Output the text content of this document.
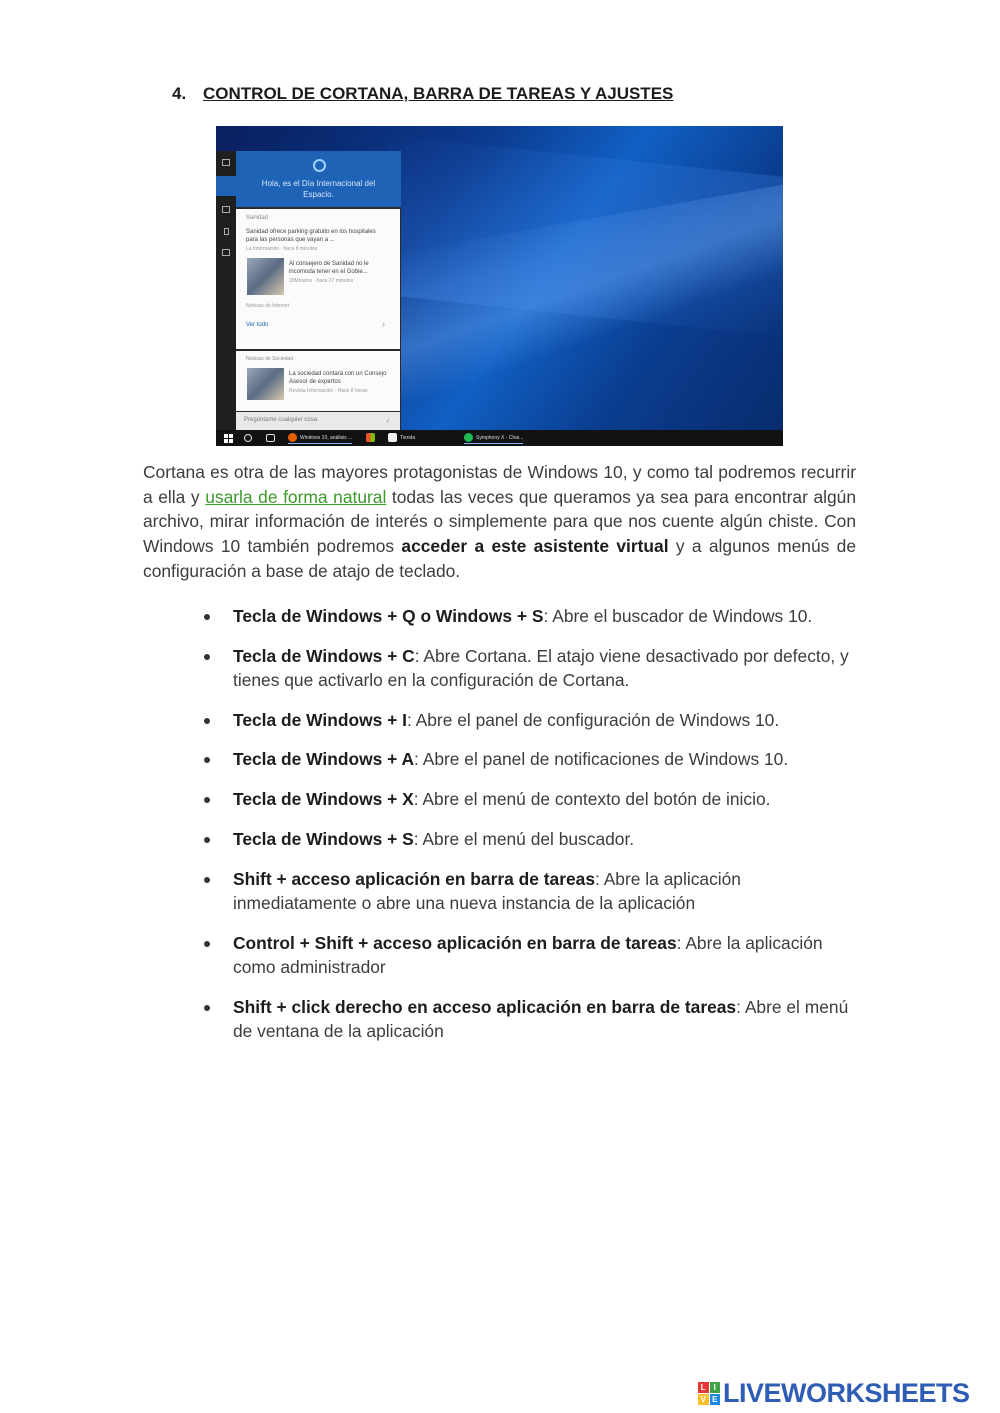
4. CONTROL DE CORTANA, BARRA DE TAREAS Y AJUSTES
Hola, es el Día Internacional del Espacio.
Sanidad
Sanidad ofrece parking gratuito en los hospitales para las personas que vayan a ...
La Información · hace 8 minutos
Al consejero de Sanidad no le incomoda tener en el Gobie...
20Minutos · hace 27 minutos
Noticias de Internet
Ver todo	›
Noticias de Sociedad
La sociedad contará con un Consejo Asesor de expertos
Revista Información · Hace 8 horas
Pregúntame cualquier cosa	♩
Windows 10, análisis ...	Tienda	Symphony X - Chai...
Cortana es otra de las mayores protagonistas de Windows 10, y como tal podremos recurrir a ella y usarla de forma natural todas las veces que queramos ya sea para encontrar algún archivo, mirar información de interés o simplemente para que nos cuente algún chiste. Con Windows 10 también podremos acceder a este asistente virtual y a algunos menús de configuración a base de atajo de teclado.
Tecla de Windows + Q o Windows + S: Abre el buscador de Windows 10.
Tecla de Windows + C: Abre Cortana. El atajo viene desactivado por defecto, y tienes que activarlo en la configuración de Cortana.
Tecla de Windows + I: Abre el panel de configuración de Windows 10.
Tecla de Windows + A: Abre el panel de notificaciones de Windows 10.
Tecla de Windows + X: Abre el menú de contexto del botón de inicio.
Tecla de Windows + S: Abre el menú del buscador.
Shift + acceso aplicación en barra de tareas: Abre la aplicación inmediatamente o abre una nueva instancia de la aplicación
Control + Shift + acceso aplicación en barra de tareas: Abre la aplicación como administrador
Shift + click derecho en acceso aplicación en barra de tareas: Abre el menú de ventana de la aplicación
L I
V E LIVEWORKSHEETS
